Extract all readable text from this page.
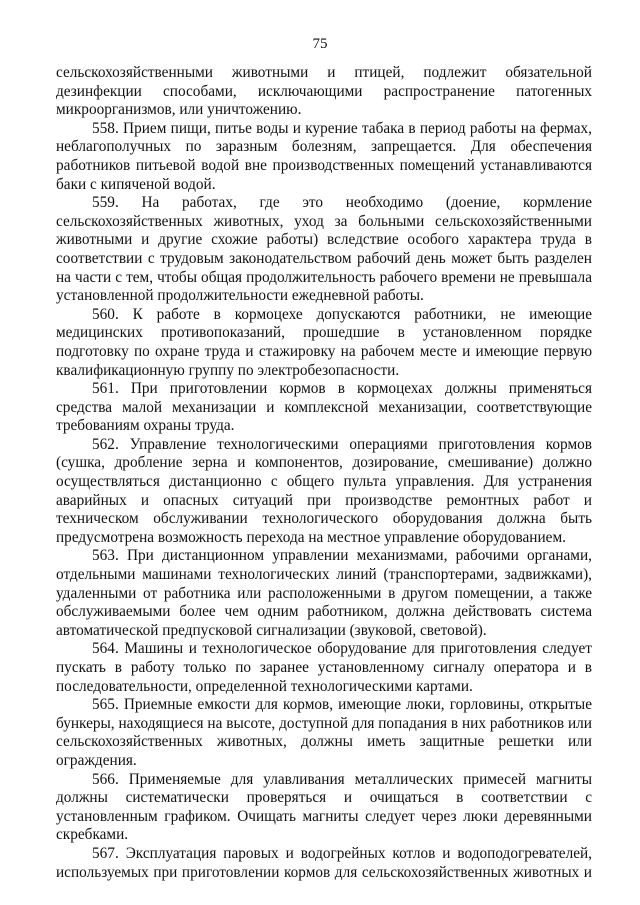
75

сельскохозяйственными животными и птицей, подлежит обязательной дезинфекции способами, исключающими распространение патогенных микроорганизмов, или уничтожению.

558. Прием пищи, питье воды и курение табака в период работы на фермах, неблагополучных по заразным болезням, запрещается. Для обеспечения работников питьевой водой вне производственных помещений устанавливаются баки с кипяченой водой.

559. На работах, где это необходимо (доение, кормление сельскохозяйственных животных, уход за больными сельскохозяйственными животными и другие схожие работы) вследствие особого характера труда в соответствии с трудовым законодательством рабочий день может быть разделен на части с тем, чтобы общая продолжительность рабочего времени не превышала установленной продолжительности ежедневной работы.

560. К работе в кормоцехе допускаются работники, не имеющие медицинских противопоказаний, прошедшие в установленном порядке подготовку по охране труда и стажировку на рабочем месте и имеющие первую квалификационную группу по электробезопасности.

561. При приготовлении кормов в кормоцехах должны применяться средства малой механизации и комплексной механизации, соответствующие требованиям охраны труда.

562. Управление технологическими операциями приготовления кормов (сушка, дробление зерна и компонентов, дозирование, смешивание) должно осуществляться дистанционно с общего пульта управления. Для устранения аварийных и опасных ситуаций при производстве ремонтных работ и техническом обслуживании технологического оборудования должна быть предусмотрена возможность перехода на местное управление оборудованием.

563. При дистанционном управлении механизмами, рабочими органами, отдельными машинами технологических линий (транспортерами, задвижками), удаленными от работника или расположенными в другом помещении, а также обслуживаемыми более чем одним работником, должна действовать система автоматической предпусковой сигнализации (звуковой, световой).

564. Машины и технологическое оборудование для приготовления следует пускать в работу только по заранее установленному сигналу оператора и в последовательности, определенной технологическими картами.

565. Приемные емкости для кормов, имеющие люки, горловины, открытые бункеры, находящиеся на высоте, доступной для попадания в них работников или сельскохозяйственных животных, должны иметь защитные решетки или ограждения.

566. Применяемые для улавливания металлических примесей магниты должны систематически проверяться и очищаться в соответствии с установленным графиком. Очищать магниты следует через люки деревянными скребками.

567. Эксплуатация паровых и водогрейных котлов и водоподогревателей, используемых при приготовлении кормов для сельскохозяйственных животных и
